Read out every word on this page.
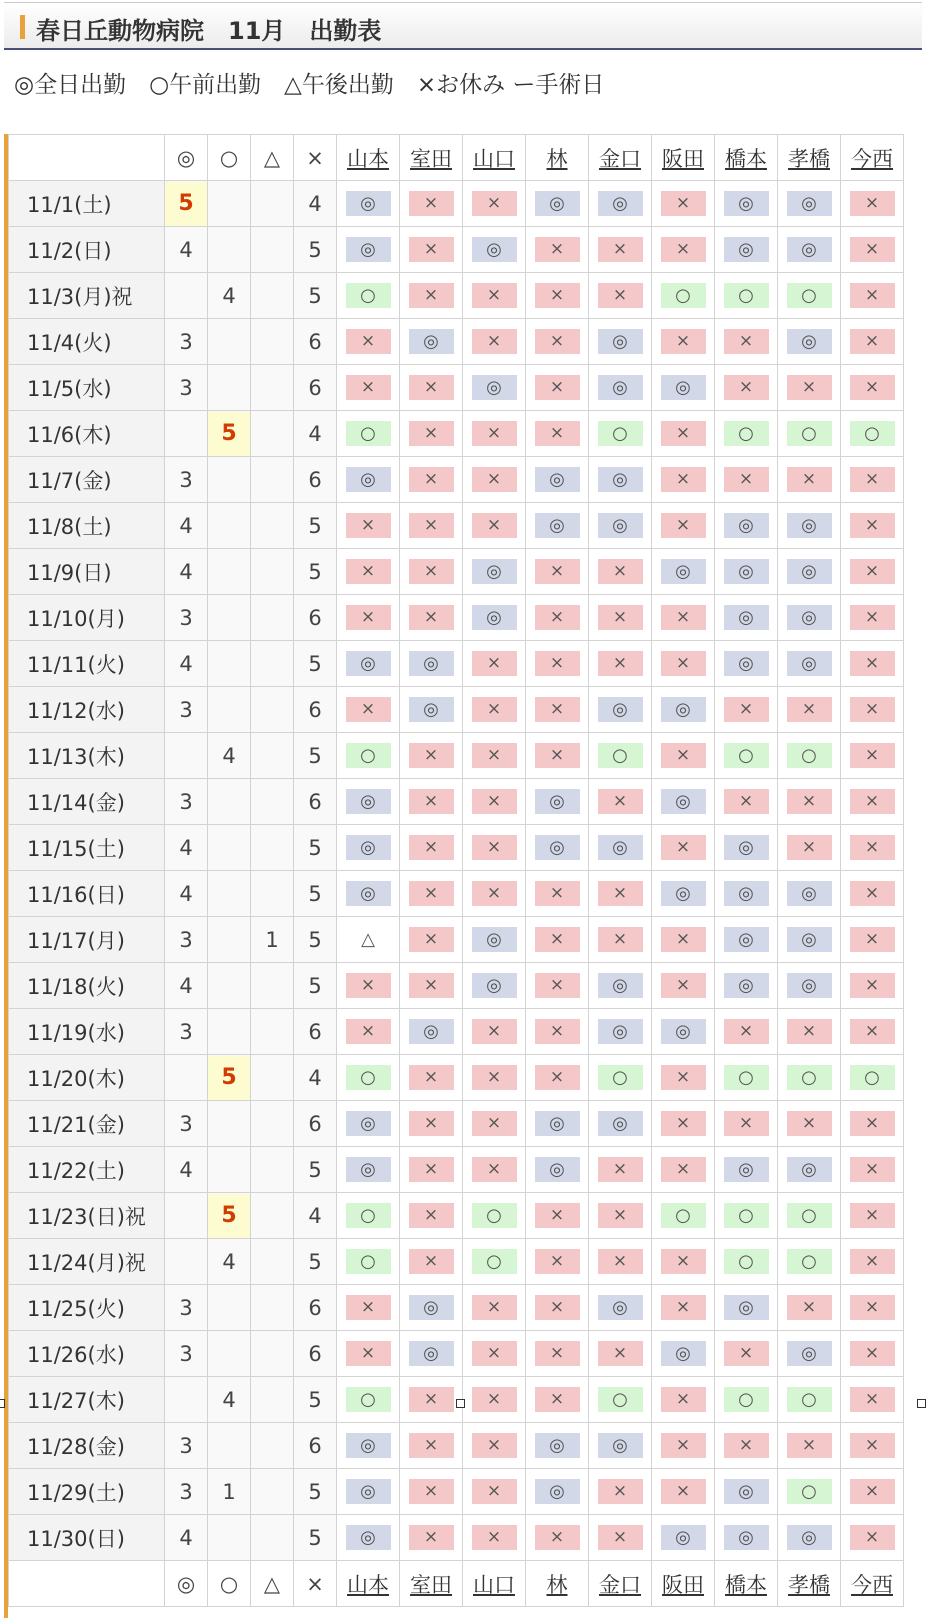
春日丘動物病院　11月　出勤表
◎全日出勤　○午前出勤　△午後出勤　×お休み ー手術日
	◎	○	△	×	山本	室田	山口	林	金口	阪田	橋本	孝橋	今西
11/1(土)	5			4	◎	×	×	◎	◎	×	◎	◎	×
11/2(日)	4			5	◎	×	◎	×	×	×	◎	◎	×
11/3(月)祝		4		5	○	×	×	×	×	○	○	○	×
11/4(火)	3			6	×	◎	×	×	◎	×	×	◎	×
11/5(水)	3			6	×	×	◎	×	◎	◎	×	×	×
11/6(木)		5		4	○	×	×	×	○	×	○	○	○
11/7(金)	3			6	◎	×	×	◎	◎	×	×	×	×
11/8(土)	4			5	×	×	×	◎	◎	×	◎	◎	×
11/9(日)	4			5	×	×	◎	×	×	◎	◎	◎	×
11/10(月)	3			6	×	×	◎	×	×	×	◎	◎	×
11/11(火)	4			5	◎	◎	×	×	×	×	◎	◎	×
11/12(水)	3			6	×	◎	×	×	◎	◎	×	×	×
11/13(木)		4		5	○	×	×	×	○	×	○	○	×
11/14(金)	3			6	◎	×	×	◎	×	◎	×	×	×
11/15(土)	4			5	◎	×	×	◎	◎	×	◎	×	×
11/16(日)	4			5	◎	×	×	×	×	◎	◎	◎	×
11/17(月)	3		1	5	△	×	◎	×	×	×	◎	◎	×
11/18(火)	4			5	×	×	◎	×	◎	×	◎	◎	×
11/19(水)	3			6	×	◎	×	×	◎	◎	×	×	×
11/20(木)		5		4	○	×	×	×	○	×	○	○	○
11/21(金)	3			6	◎	×	×	◎	◎	×	×	×	×
11/22(土)	4			5	◎	×	×	◎	×	×	◎	◎	×
11/23(日)祝		5		4	○	×	○	×	×	○	○	○	×
11/24(月)祝		4		5	○	×	○	×	×	×	○	○	×
11/25(火)	3			6	×	◎	×	×	◎	×	◎	×	×
11/26(水)	3			6	×	◎	×	×	×	◎	×	◎	×
11/27(木)		4		5	○	×	×	×	○	×	○	○	×
11/28(金)	3			6	◎	×	×	◎	◎	×	×	×	×
11/29(土)	3	1		5	◎	×	×	◎	×	×	◎	○	×
11/30(日)	4			5	◎	×	×	×	×	◎	◎	◎	×
	◎	○	△	×	山本	室田	山口	林	金口	阪田	橋本	孝橋	今西
